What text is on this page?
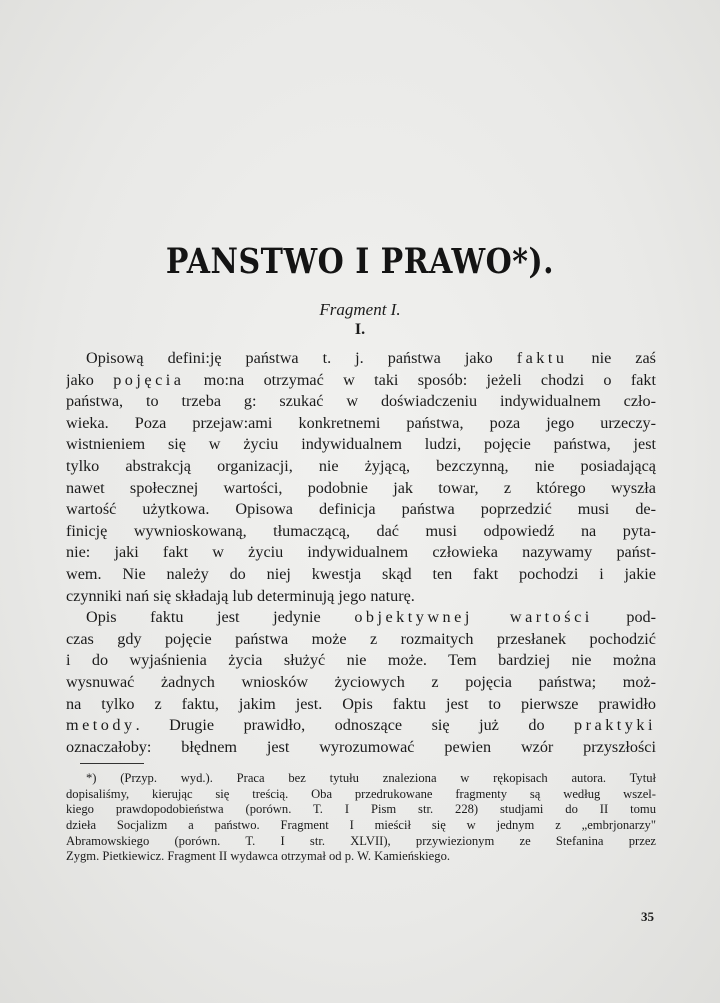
PANSTWO I PRAWO*).
Fragment I.
I.
Opisową defini:ję państwa t. j. państwa jako faktu nie zaś
jako pojęcia mo:na otrzymać w taki sposób: jeżeli chodzi o fakt
państwa, to trzeba g: szukać w doświadczeniu indywidualnem czło-
wieka. Poza przejaw:ami konkretnemi państwa, poza jego urzeczy-
wistnieniem się w życiu indywidualnem ludzi, pojęcie państwa, jest
tylko abstrakcją organizacji, nie żyjącą, bezczynną, nie posiadającą
nawet społecznej wartości, podobnie jak towar, z którego wyszła
wartość użytkowa. Opisowa definicja państwa poprzedzić musi de-
finicję wywnioskowaną, tłumaczącą, dać musi odpowiedź na pyta-
nie: jaki fakt w życiu indywidualnem człowieka nazywamy państ-
wem. Nie należy do niej kwestja skąd ten fakt pochodzi i jakie
czynniki nań się składają lub determinują jego naturę.
Opis faktu jest jedynie objektywnej wartości pod-
czas gdy pojęcie państwa może z rozmaitych przesłanek pochodzić
i do wyjaśnienia życia służyć nie może. Tem bardziej nie można
wysnuwać żadnych wniosków życiowych z pojęcia państwa; moż-
na tylko z faktu, jakim jest. Opis faktu jest to pierwsze prawidło
metody. Drugie prawidło, odnoszące się już do praktyki
oznaczałoby: błędnem jest wyrozumować pewien wzór przyszłości
*) (Przyp. wyd.). Praca bez tytułu znaleziona w rękopisach autora. Tytuł
dopisaliśmy, kierując się treścią. Oba przedrukowane fragmenty są według wszel-
kiego prawdopodobieństwa (porówn. T. I Pism str. 228) studjami do II tomu
dzieła Socjalizm a państwo. Fragment I mieścił się w jednym z „embrjonarzy"
Abramowskiego (porówn. T. I str. XLVII), przywiezionym ze Stefanina przez
Zygm. Pietkiewicz. Fragment II wydawca otrzymał od p. W. Kamieńskiego.
35
